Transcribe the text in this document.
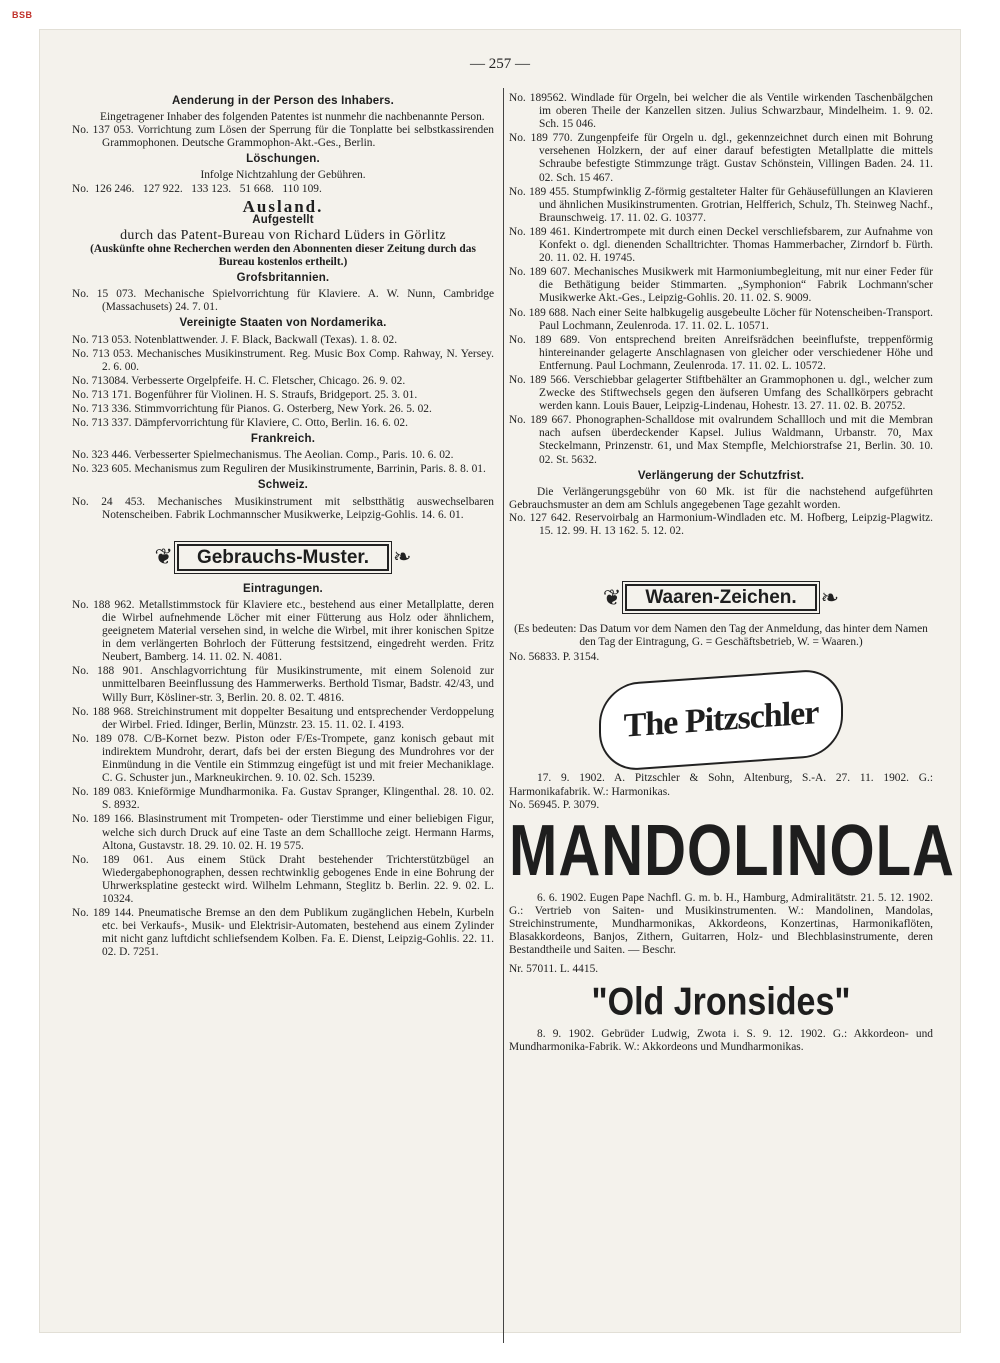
BSB
— 257 —
Aenderung in der Person des Inhabers.

Eingetragener Inhaber des folgenden Patentes ist nunmehr die nachbenannte Person.

No. 137 053. Vorrichtung zum Lösen der Sperrung für die Tonplatte bei selbstkassirenden Grammophonen. Deutsche Grammophon-Akt.-Ges., Berlin.

Löschungen.

Infolge Nichtzahlung der Gebühren.

No.  126 246.   127 922.   133 123.   51 668.   110 109.

Ausland.
Aufgestellt
durch das Patent-Bureau von Richard Lüders in Görlitz
(Auskünfte ohne Recherchen werden den Abonnenten dieser Zeitung durch das Bureau kostenlos ertheilt.)
Grofsbritannien.

No. 15 073. Mechanische Spielvorrichtung für Klaviere. A. W. Nunn, Cambridge (Massachusets) 24. 7. 01.

Vereinigte Staaten von Nordamerika.

No. 713 053. Notenblattwender. J. F. Black, Backwall (Texas). 1. 8. 02.

No. 713 053. Mechanisches Musikinstrument. Reg. Music Box Comp. Rahway, N. Yersey. 2. 6. 00.

No. 713084. Verbesserte Orgelpfeife. H. C. Fletscher, Chicago. 26. 9. 02.

No. 713 171. Bogenführer für Violinen. H. S. Straufs, Bridgeport. 25. 3. 01.

No. 713 336. Stimmvorrichtung für Pianos. G. Osterberg, New York. 26. 5. 02.

No. 713 337. Dämpfervorrichtung für Klaviere, C. Otto, Berlin. 16. 6. 02.

Frankreich.

No. 323 446. Verbesserter Spielmechanismus. The Aeolian. Comp., Paris. 10. 6. 02.

No. 323 605. Mechanismus zum Reguliren der Musikinstrumente, Barrinin, Paris. 8. 8. 01.

Schweiz.

No. 24 453. Mechanisches Musikinstrument mit selbstthätig auswechselbaren Notenscheiben. Fabrik Lochmannscher Musikwerke, Leipzig-Gohlis. 14. 6. 01.

❦	Gebrauchs-Muster.	❧
Eintragungen.

No. 188 962. Metallstimmstock für Klaviere etc., bestehend aus einer Metallplatte, deren die Wirbel aufnehmende Löcher mit einer Fütterung aus Holz oder ähnlichem, geeignetem Material versehen sind, in welche die Wirbel, mit ihrer konischen Spitze in dem verlängerten Bohrloch der Fütterung festsitzend, eingedreht werden. Fritz Neubert, Bamberg. 14. 11. 02. N. 4081.

No. 188 901. Anschlagvorrichtung für Musikinstrumente, mit einem Solenoid zur unmittelbaren Beeinflussung des Hammerwerks. Berthold Tismar, Badstr. 42/43, und Willy Burr, Kösliner-str. 3, Berlin. 20. 8. 02. T. 4816.

No. 188 968. Streichinstrument mit doppelter Besaitung und entsprechender Verdoppelung der Wirbel. Fried. Idinger, Berlin, Münzstr. 23. 15. 11. 02. I. 4193.

No. 189 078. C/B-Kornet bezw. Piston oder F/Es-Trompete, ganz konisch gebaut mit indirektem Mundrohr, derart, dafs bei der ersten Biegung des Mundrohres vor der Einmündung in die Ventile ein Stimmzug eingefügt ist und mit freier Mechaniklage. C. G. Schuster jun., Markneukirchen. 9. 10. 02. Sch. 15239.

No. 189 083. Knieförmige Mundharmonika. Fa. Gustav Spranger, Klingenthal. 28. 10. 02. S. 8932.

No. 189 166. Blasinstrument mit Trompeten- oder Tierstimme und einer beliebigen Figur, welche sich durch Druck auf eine Taste an dem Schallloche zeigt. Hermann Harms, Altona, Gustavstr. 18. 29. 10. 02. H. 19 575.

No. 189 061. Aus einem Stück Draht bestehender Trichterstützbügel an Wiedergabephonographen, dessen rechtwinklig gebogenes Ende in eine Bohrung der Uhrwerksplatine gesteckt wird. Wilhelm Lehmann, Steglitz b. Berlin. 22. 9. 02. L. 10324.

No. 189 144. Pneumatische Bremse an den dem Publikum zugänglichen Hebeln, Kurbeln etc. bei Verkaufs-, Musik- und Elektrisir-Automaten, bestehend aus einem Zylinder mit nicht ganz luftdicht schliefsendem Kolben. Fa. E. Dienst, Leipzig-Gohlis. 22. 11. 02. D. 7251.

No. 189562. Windlade für Orgeln, bei welcher die als Ventile wirkenden Taschenbälgchen im oberen Theile der Kanzellen sitzen. Julius Schwarzbaur, Mindelheim. 1. 9. 02. Sch. 15 046.

No. 189 770. Zungenpfeife für Orgeln u. dgl., gekennzeichnet durch einen mit Bohrung versehenen Holzkern, der auf einer darauf befestigten Metallplatte die mittels Schraube befestigte Stimmzunge trägt. Gustav Schönstein, Villingen Baden. 24. 11. 02. Sch. 15 467.

No. 189 455. Stumpfwinklig Z-förmig gestalteter Halter für Gehäusefüllungen an Klavieren und ähnlichen Musikinstrumenten. Grotrian, Helfferich, Schulz, Th. Steinweg Nachf., Braunschweig. 17. 11. 02. G. 10377.

No. 189 461. Kindertrompete mit durch einen Deckel verschliefsbarem, zur Aufnahme von Konfekt o. dgl. dienenden Schalltrichter. Thomas Hammerbacher, Zirndorf b. Fürth. 20. 11. 02. H. 19745.

No. 189 607. Mechanisches Musikwerk mit Harmoniumbegleitung, mit nur einer Feder für die Bethätigung beider Stimmarten. „Symphonion“ Fabrik Lochmann'scher Musikwerke Akt.-Ges., Leipzig-Gohlis. 20. 11. 02. S. 9009.

No. 189 688. Nach einer Seite halbkugelig ausgebeulte Löcher für Notenscheiben-Transport. Paul Lochmann, Zeulenroda. 17. 11. 02. L. 10571.

No. 189 689. Von entsprechend breiten Anreifsrädchen beeinflufste, treppenförmig hintereinander gelagerte Anschlagnasen von gleicher oder verschiedener Höhe und Entfernung. Paul Lochmann, Zeulenroda. 17. 11. 02. L. 10572.

No. 189 566. Verschiebbar gelagerter Stiftbehälter an Grammophonen u. dgl., welcher zum Zwecke des Stiftwechsels gegen den äufseren Umfang des Schallkörpers gebracht werden kann. Louis Bauer, Leipzig-Lindenau, Hohestr. 13. 27. 11. 02. B. 20752.

No. 189 667. Phonographen-Schalldose mit ovalrundem Schallloch und mit die Membran nach aufsen überdeckender Kapsel. Julius Waldmann, Urbanstr. 70, Max Steckelmann, Prinzenstr. 61, und Max Stempfle, Melchiorstrafse 21, Berlin. 30. 10. 02. St. 5632.

Verlängerung der Schutzfrist.

Die Verlängerungsgebühr von 60 Mk. ist für die nachstehend aufgeführten Gebrauchsmuster an dem am Schluls angegebenen Tage gezahlt worden.

No. 127 642. Reservoirbalg an Harmonium-Windladen etc. M. Hofberg, Leipzig-Plagwitz. 15. 12. 99. H. 13 162. 5. 12. 02.

❦	Waaren-Zeichen.	❧

(Es bedeuten: Das Datum vor dem Namen den Tag der Anmeldung, das hinter dem Namen den Tag der Eintragung, G. = Geschäftsbetrieb, W. = Waaren.)

No. 56833. P. 3154.

The Pitzschler

17. 9. 1902. A. Pitzschler & Sohn, Altenburg, S.-A. 27. 11. 1902. G.: Harmonikafabrik. W.: Harmonikas.

No. 56945. P. 3079.

MANDOLINOLA

6. 6. 1902. Eugen Pape Nachfl. G. m. b. H., Hamburg, Admiralitätstr. 21. 5. 12. 1902. G.: Vertrieb von Saiten- und Musikinstrumenten. W.: Mandolinen, Mandolas, Streichinstrumente, Mundharmonikas, Akkordeons, Konzertinas, Harmonikaflöten, Blasakkordeons, Banjos, Zithern, Guitarren, Holz- und Blechblasinstrumente, deren Bestandtheile und Saiten. — Beschr.

Nr. 57011. L. 4415.

"Old Jronsides"

8. 9. 1902. Gebrüder Ludwig, Zwota i. S. 9. 12. 1902. G.: Akkordeon- und Mundharmonika-Fabrik. W.: Akkordeons und Mundharmonikas.
